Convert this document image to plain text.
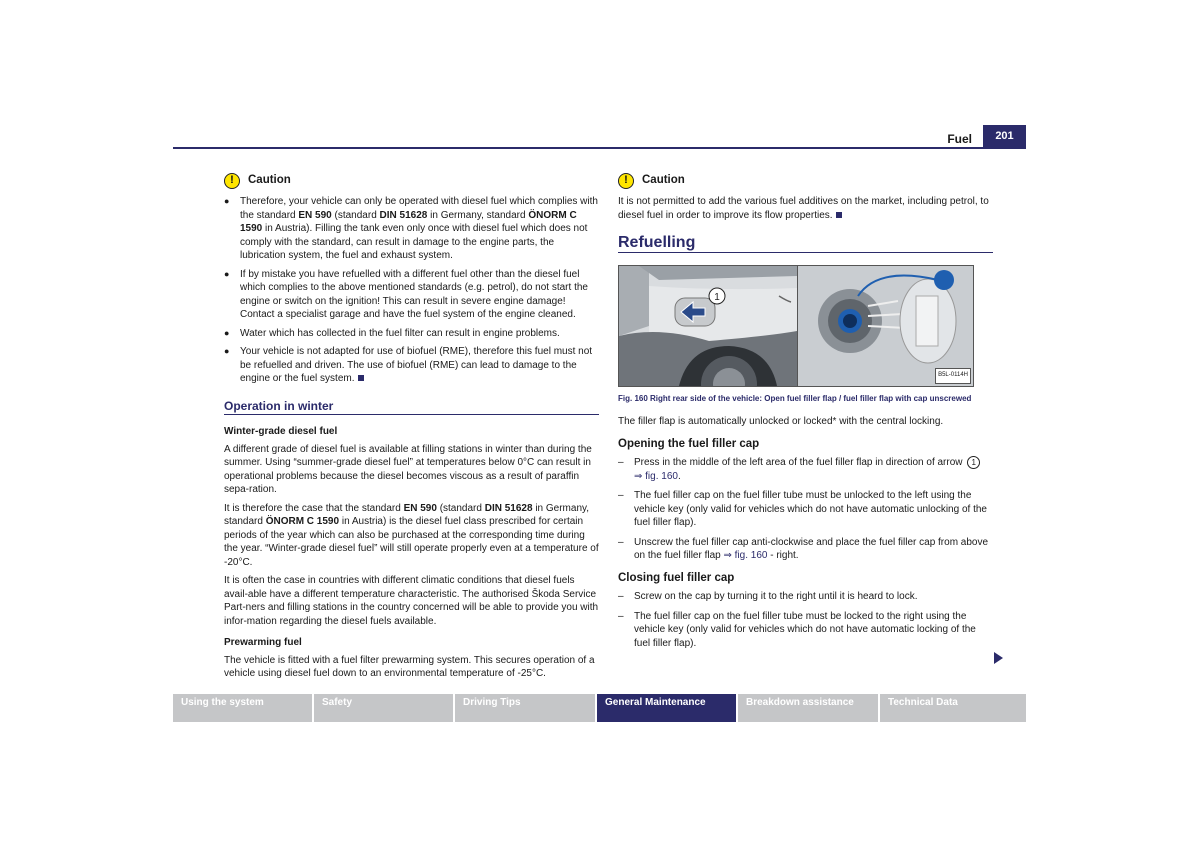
Fuel	201
!	Caution
●	Therefore, your vehicle can only be operated with diesel fuel which complies with the standard EN 590 (standard DIN 51628 in Germany, standard ÖNORM C 1590 in Austria). Filling the tank even only once with diesel fuel which does not comply with the standard, can result in damage to the engine parts, the lubrication system, the fuel and exhaust system.
●	If by mistake you have refuelled with a different fuel other than the diesel fuel which complies to the above mentioned standards (e.g. petrol), do not start the engine or switch on the ignition! This can result in severe engine damage! Contact a specialist garage and have the fuel system of the engine cleaned.
●	Water which has collected in the fuel filter can result in engine problems.
●	Your vehicle is not adapted for use of biofuel (RME), therefore this fuel must not be refuelled and driven. The use of biofuel (RME) can lead to damage to the engine or the fuel system.
Operation in winter
Winter-grade diesel fuel

A different grade of diesel fuel is available at filling stations in winter than during the summer. Using “summer-grade diesel fuel” at temperatures below 0°C can result in operational problems because the diesel becomes viscous as a result of paraffin sepa-ration.

It is therefore the case that the standard EN 590 (standard DIN 51628 in Germany, standard ÖNORM C 1590 in Austria) is the diesel fuel class prescribed for certain periods of the year which can also be purchased at the corresponding time during the year. “Winter-grade diesel fuel” will still operate properly even at a temperature of -20°C.

It is often the case in countries with different climatic conditions that diesel fuels avail-able have a different temperature characteristic. The authorised Škoda Service Part-ners and filling stations in the country concerned will be able to provide you with infor-mation regarding the diesel fuels available.

Prewarming fuel

The vehicle is fitted with a fuel filter prewarming system. This secures operation of a vehicle using diesel fuel down to an environmental temperature of -25°C.

!	Caution

It is not permitted to add the various fuel additives on the market, including petrol, to diesel fuel in order to improve its flow properties.

Refuelling
1
B5L-0114H
Fig. 160 Right rear side of the vehicle: Open fuel filler flap / fuel filler flap with cap unscrewed

The filler flap is automatically unlocked or locked* with the central locking.

Opening the fuel filler cap
–	Press in the middle of the left area of the fuel filler flap in direction of arrow 1
⇒ fig. 160.
–	The fuel filler cap on the fuel filler tube must be unlocked to the left using the vehicle key (only valid for vehicles which do not have automatic unlocking of the fuel filler flap).
–	Unscrew the fuel filler cap anti-clockwise and place the fuel filler cap from above on the fuel filler flap ⇒ fig. 160 - right.
Closing fuel filler cap
–	Screw on the cap by turning it to the right until it is heard to lock.
–	The fuel filler cap on the fuel filler tube must be locked to the right using the vehicle key (only valid for vehicles which do not have automatic locking of the fuel filler flap).
Using the system	Safety	Driving Tips	General Maintenance	Breakdown assistance	Technical Data
